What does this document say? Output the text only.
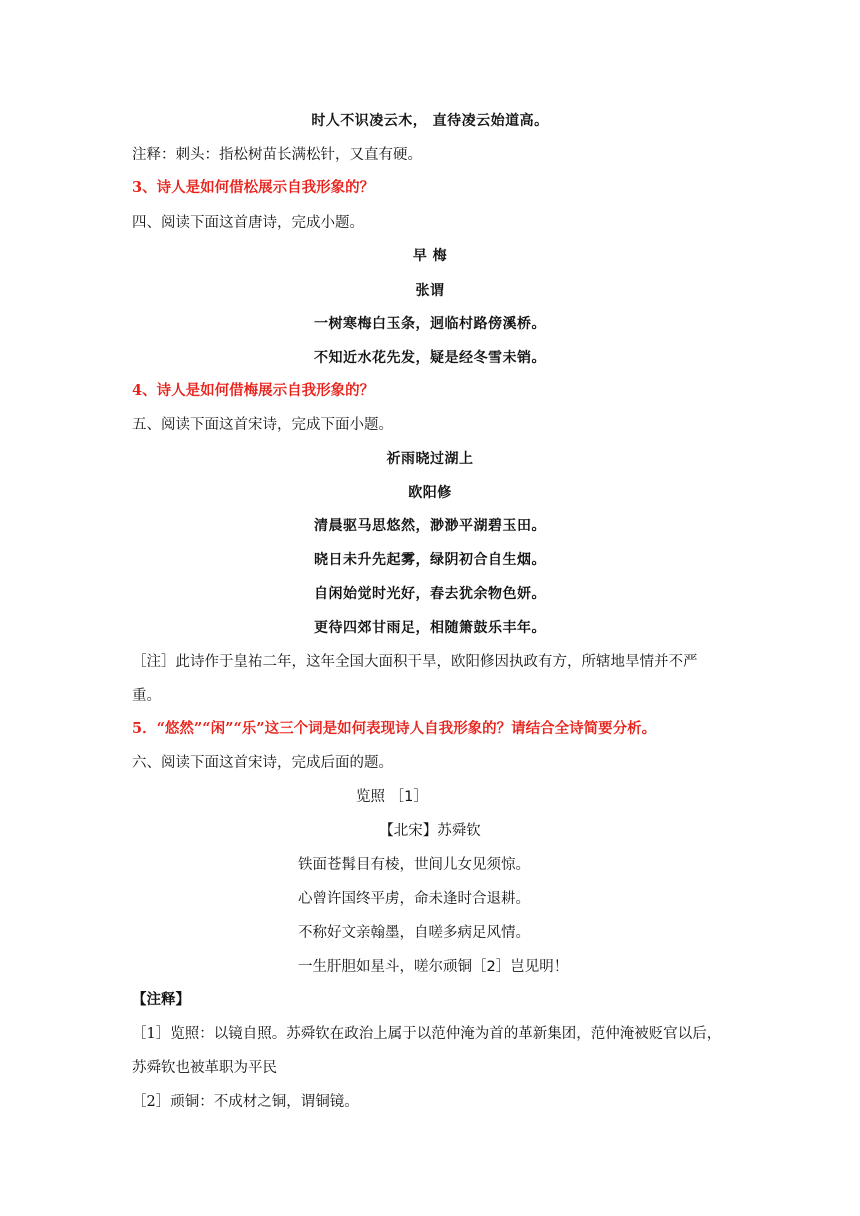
时人不识凌云木， 直待凌云始道高。
注释：刺头：指松树苗长满松针，又直有硬。
3、诗人是如何借松展示自我形象的？
四、阅读下面这首唐诗，完成小题。
早 梅
张谓
一树寒梅白玉条，迥临村路傍溪桥。
不知近水花先发，疑是经冬雪未销。
4、诗人是如何借梅展示自我形象的？
五、阅读下面这首宋诗，完成下面小题。
祈雨晓过湖上
欧阳修
清晨驱马思悠然，渺渺平湖碧玉田。
晓日未升先起雾，绿阴初合自生烟。
自闲始觉时光好，春去犹余物色妍。
更待四郊甘雨足，相随箫鼓乐丰年。
［注］此诗作于皇祐二年，这年全国大面积干旱，欧阳修因执政有方，所辖地旱情并不严
重。
5．“悠然”“闲”“乐”这三个词是如何表现诗人自我形象的？请结合全诗简要分析。
六、阅读下面这首宋诗，完成后面的题。
览照 ［1］
【北宋】苏舜钦
铁面苍髯目有棱，世间儿女见须惊。
心曾许国终平虏，命未逢时合退耕。
不称好文亲翰墨，自嗟多病足风情。
一生肝胆如星斗，嗟尔顽铜［2］岂见明！
【注释】
［1］览照：以镜自照。苏舜钦在政治上属于以范仲淹为首的革新集团，范仲淹被贬官以后，
苏舜钦也被革职为平民
［2］顽铜：不成材之铜，谓铜镜。
